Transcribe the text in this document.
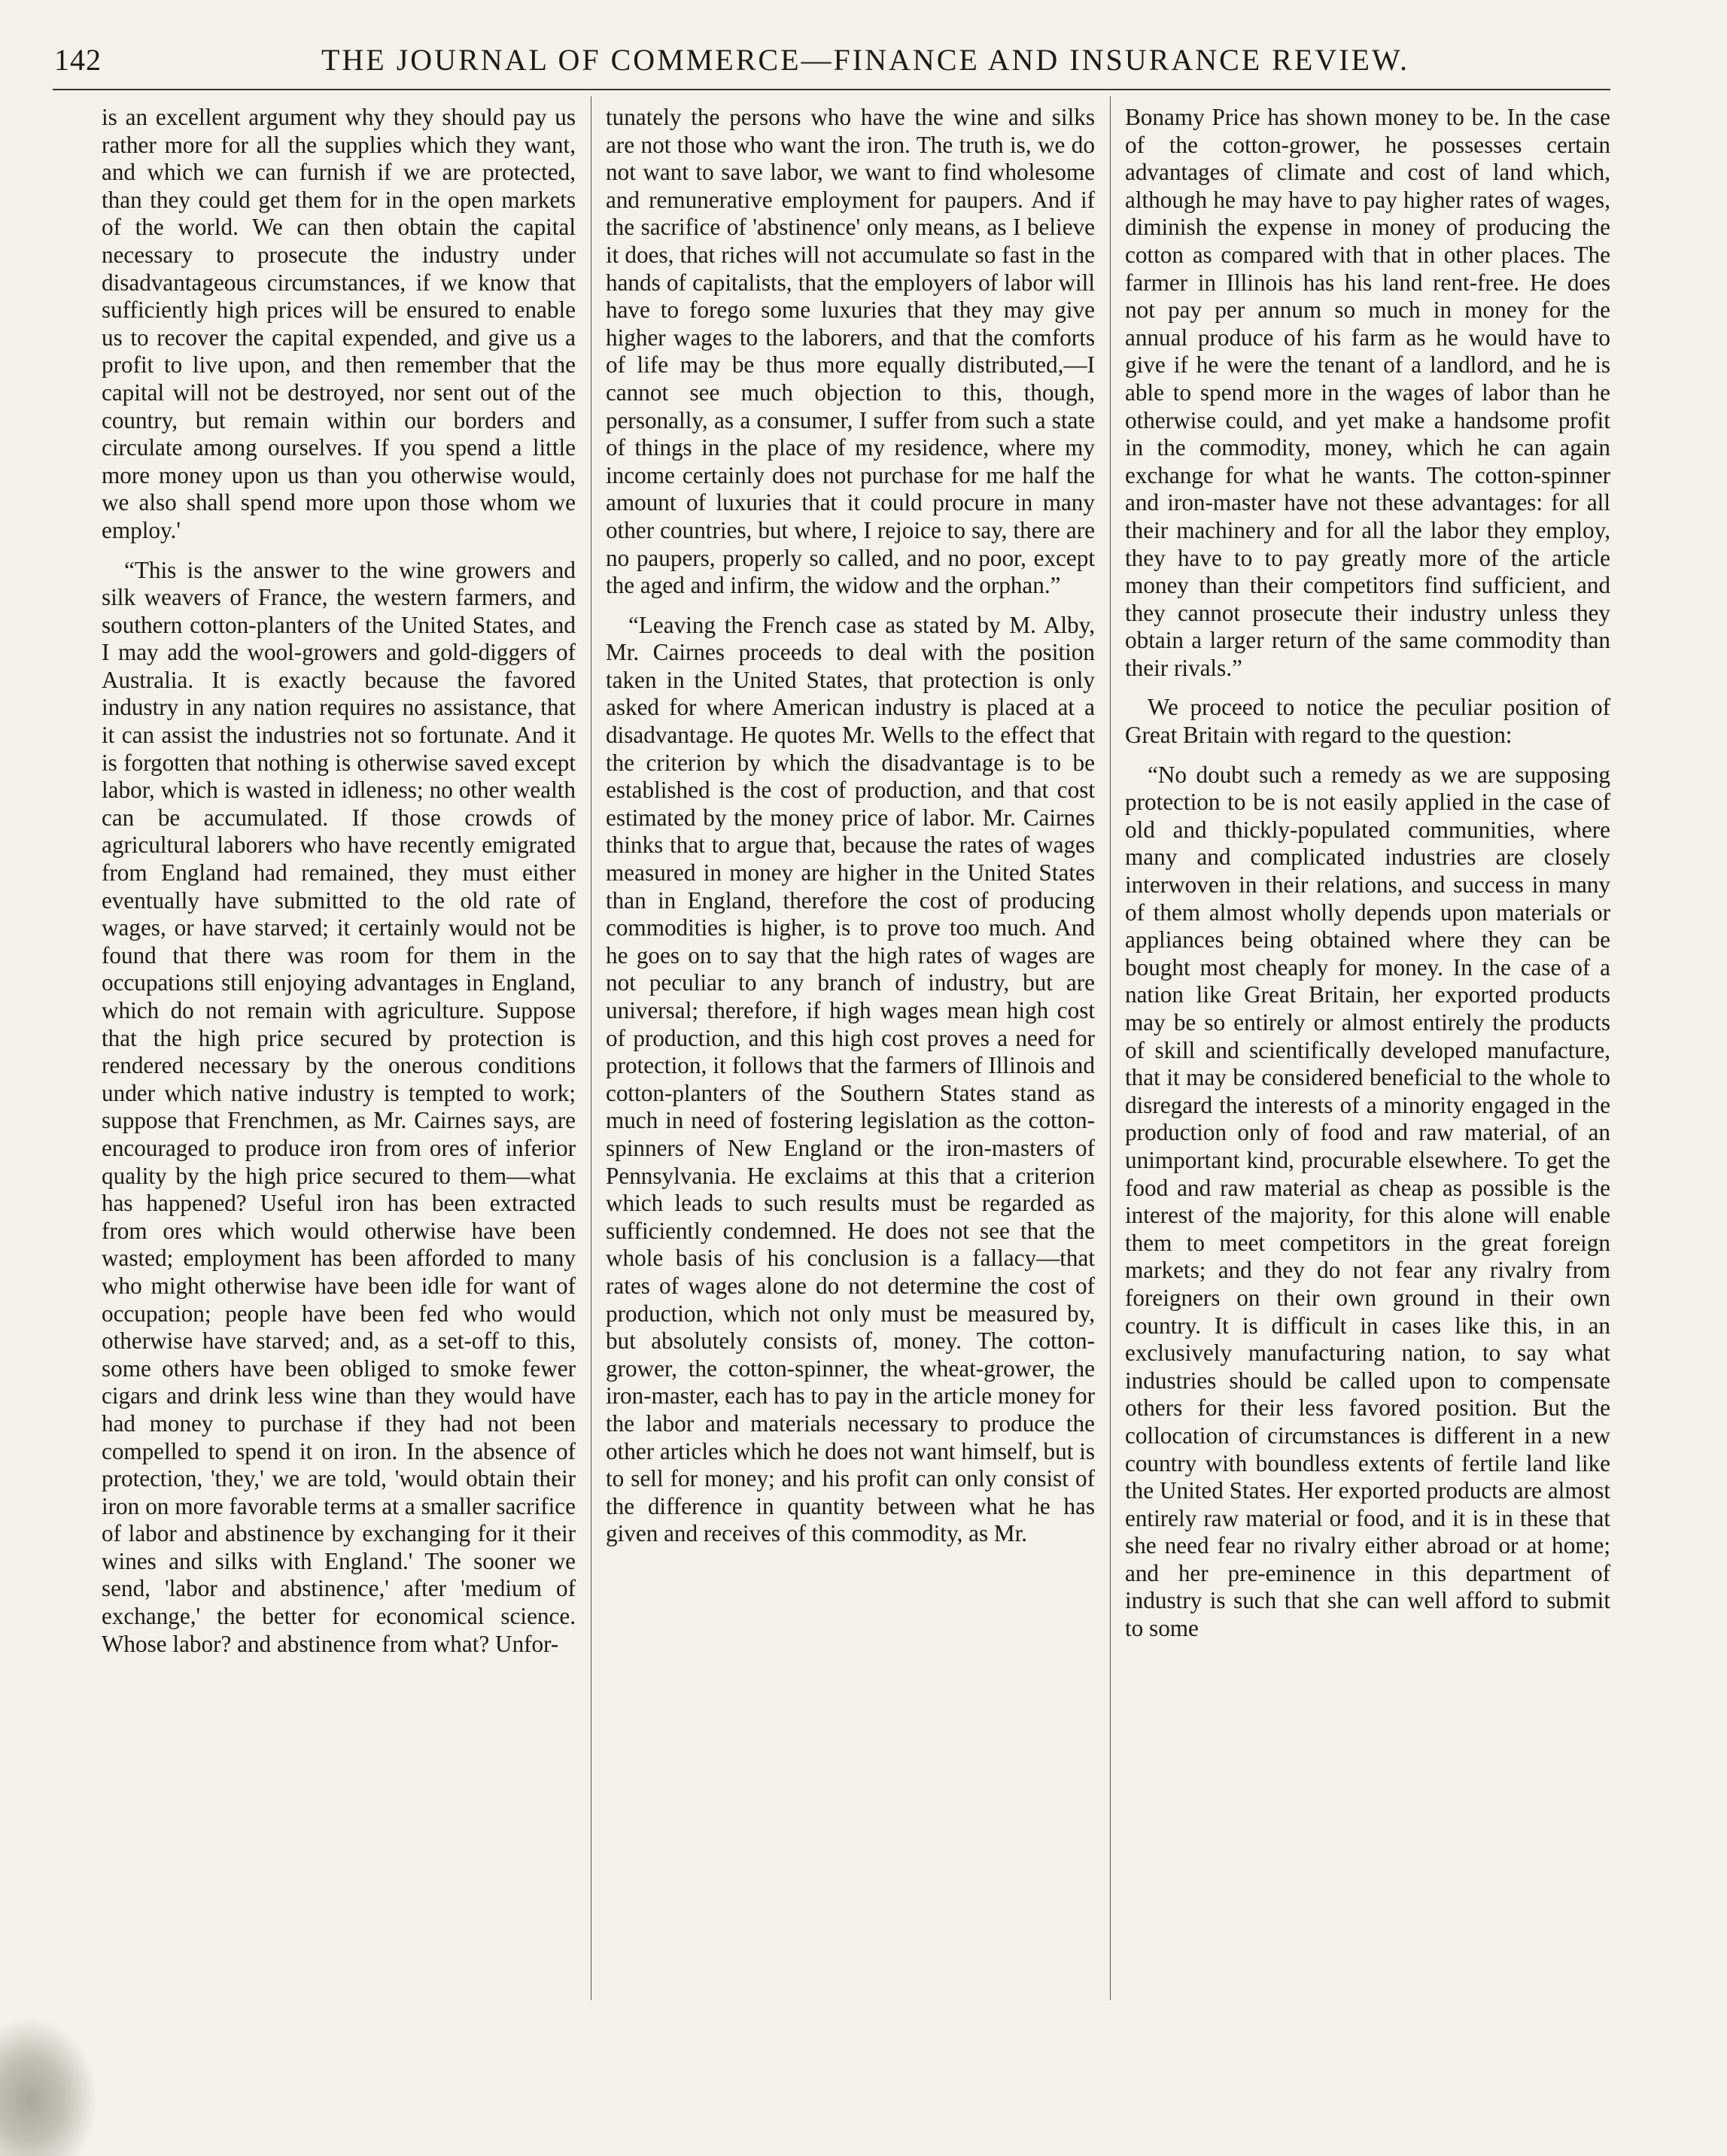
142	THE JOURNAL OF COMMERCE—FINANCE AND INSURANCE REVIEW.

is an excellent argument why they should pay us rather more for all the supplies which they want, and which we can furnish if we are protected, than they could get them for in the open markets of the world. We can then obtain the capital necessary to prosecute the industry under disadvantageous circumstances, if we know that sufficiently high prices will be ensured to enable us to recover the capital expended, and give us a profit to live upon, and then remember that the capital will not be destroyed, nor sent out of the country, but remain within our borders and circulate among ourselves. If you spend a little more money upon us than you otherwise would, we also shall spend more upon those whom we employ.'

“This is the answer to the wine growers and silk weavers of France, the western farmers, and southern cotton-planters of the United States, and I may add the wool-growers and gold-diggers of Australia. It is exactly because the favored industry in any nation requires no assistance, that it can assist the industries not so fortunate. And it is forgotten that nothing is otherwise saved except labor, which is wasted in idleness; no other wealth can be accumulated. If those crowds of agricultural laborers who have recently emigrated from England had remained, they must either eventually have submitted to the old rate of wages, or have starved; it certainly would not be found that there was room for them in the occupations still enjoying advantages in England, which do not remain with agriculture. Suppose that the high price secured by protection is rendered necessary by the onerous conditions under which native industry is tempted to work; suppose that Frenchmen, as Mr. Cairnes says, are encouraged to produce iron from ores of inferior quality by the high price secured to them—what has happened? Useful iron has been extracted from ores which would otherwise have been wasted; employment has been afforded to many who might otherwise have been idle for want of occupation; people have been fed who would otherwise have starved; and, as a set-off to this, some others have been obliged to smoke fewer cigars and drink less wine than they would have had money to purchase if they had not been compelled to spend it on iron. In the absence of protection, 'they,' we are told, 'would obtain their iron on more favorable terms at a smaller sacrifice of labor and abstinence by exchanging for it their wines and silks with England.' The sooner we send, 'labor and abstinence,' after 'medium of exchange,' the better for economical science. Whose labor? and abstinence from what? Unfor-

tunately the persons who have the wine and silks are not those who want the iron. The truth is, we do not want to save labor, we want to find wholesome and remunerative employment for paupers. And if the sacrifice of 'abstinence' only means, as I believe it does, that riches will not accumulate so fast in the hands of capitalists, that the employers of labor will have to forego some luxuries that they may give higher wages to the laborers, and that the comforts of life may be thus more equally distributed,—I cannot see much objection to this, though, personally, as a consumer, I suffer from such a state of things in the place of my residence, where my income certainly does not purchase for me half the amount of luxuries that it could procure in many other countries, but where, I rejoice to say, there are no paupers, properly so called, and no poor, except the aged and infirm, the widow and the orphan.”

“Leaving the French case as stated by M. Alby, Mr. Cairnes proceeds to deal with the position taken in the United States, that protection is only asked for where American industry is placed at a disadvantage. He quotes Mr. Wells to the effect that the criterion by which the disadvantage is to be established is the cost of production, and that cost estimated by the money price of labor. Mr. Cairnes thinks that to argue that, because the rates of wages measured in money are higher in the United States than in England, therefore the cost of producing commodities is higher, is to prove too much. And he goes on to say that the high rates of wages are not peculiar to any branch of industry, but are universal; therefore, if high wages mean high cost of production, and this high cost proves a need for protection, it follows that the farmers of Illinois and cotton-planters of the Southern States stand as much in need of fostering legislation as the cotton-spinners of New England or the iron-masters of Pennsylvania. He exclaims at this that a criterion which leads to such results must be regarded as sufficiently condemned. He does not see that the whole basis of his conclusion is a fallacy—that rates of wages alone do not determine the cost of production, which not only must be measured by, but absolutely consists of, money. The cotton-grower, the cotton-spinner, the wheat-grower, the iron-master, each has to pay in the article money for the labor and materials necessary to produce the other articles which he does not want himself, but is to sell for money; and his profit can only consist of the difference in quantity between what he has given and receives of this commodity, as Mr.

Bonamy Price has shown money to be. In the case of the cotton-grower, he possesses certain advantages of climate and cost of land which, although he may have to pay higher rates of wages, diminish the expense in money of producing the cotton as compared with that in other places. The farmer in Illinois has his land rent-free. He does not pay per annum so much in money for the annual produce of his farm as he would have to give if he were the tenant of a landlord, and he is able to spend more in the wages of labor than he otherwise could, and yet make a handsome profit in the commodity, money, which he can again exchange for what he wants. The cotton-spinner and iron-master have not these advantages: for all their machinery and for all the labor they employ, they have to to pay greatly more of the article money than their competitors find sufficient, and they cannot prosecute their industry unless they obtain a larger return of the same commodity than their rivals.”

We proceed to notice the peculiar position of Great Britain with regard to the question:

“No doubt such a remedy as we are supposing protection to be is not easily applied in the case of old and thickly-populated communities, where many and complicated industries are closely interwoven in their relations, and success in many of them almost wholly depends upon materials or appliances being obtained where they can be bought most cheaply for money. In the case of a nation like Great Britain, her exported products may be so entirely or almost entirely the products of skill and scientifically developed manufacture, that it may be considered beneficial to the whole to disregard the interests of a minority engaged in the production only of food and raw material, of an unimportant kind, procurable elsewhere. To get the food and raw material as cheap as possible is the interest of the majority, for this alone will enable them to meet competitors in the great foreign markets; and they do not fear any rivalry from foreigners on their own ground in their own country. It is difficult in cases like this, in an exclusively manufacturing nation, to say what industries should be called upon to compensate others for their less favored position. But the collocation of circumstances is different in a new country with boundless extents of fertile land like the United States. Her exported products are almost entirely raw material or food, and it is in these that she need fear no rivalry either abroad or at home; and her pre-eminence in this department of industry is such that she can well afford to submit to some
